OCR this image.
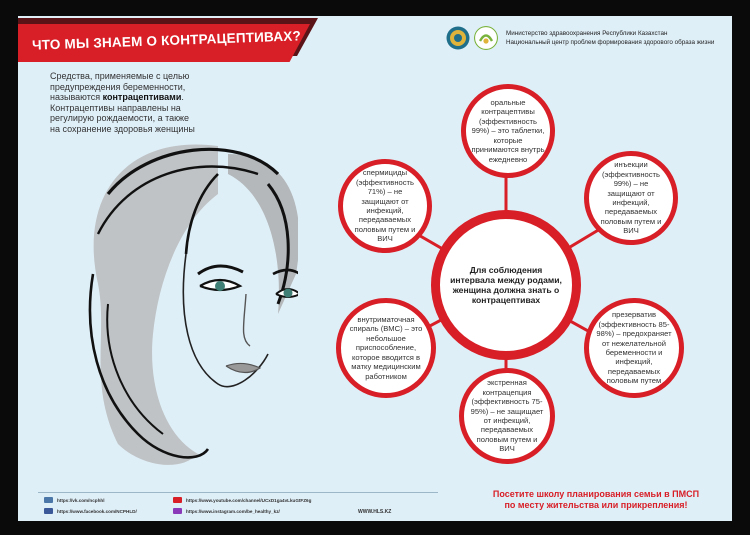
ЧТО МЫ ЗНАЕМ О КОНТРАЦЕПТИВАХ?	Министерство здравоохранения Республики Казахстан
Национальный центр проблем формирования здорового образа жизни
Средства, применяемые с целью предупреждения беременности, называются контрацептивами. Контрацептивы направлены на регулирую рождаемости, а также на сохранение здоровья женщины
оральные контрацептивы (эффективность 99%) – это таблетки, которые принимаются внутрь ежедневно
инъекции (эффективность 99%) – не защищают от инфекций, передаваемых половым путем и ВИЧ
презерватив (эффективность 85-98%) – предохраняет от нежелательной беременности и инфекций, передаваемых половым путем
экстренная контрацепция (эффективность 75-95%) – не защищает от инфекций, передаваемых половым путем и ВИЧ
внутриматочная спираль (ВМС) – это небольшое приспособление, которое вводится в матку медицинским работником
спермициды (эффективность 71%) – не защищают от инфекций, передаваемых половым путем и ВИЧ
Для соблюдения интервала между родами, женщина должна знать о контрацептивах
Посетите школу планирования семьи в ПМСП
по месту жительства или прикрепления!
https://vk.com/ncphhl
https://www.facebook.com/NCPHLD/
https://www.youtube.com/channel/UCxD1ga4vLkuGtFZ6g
https://www.instagram.com/be_healthy_kz/	WWW.HLS.KZ
